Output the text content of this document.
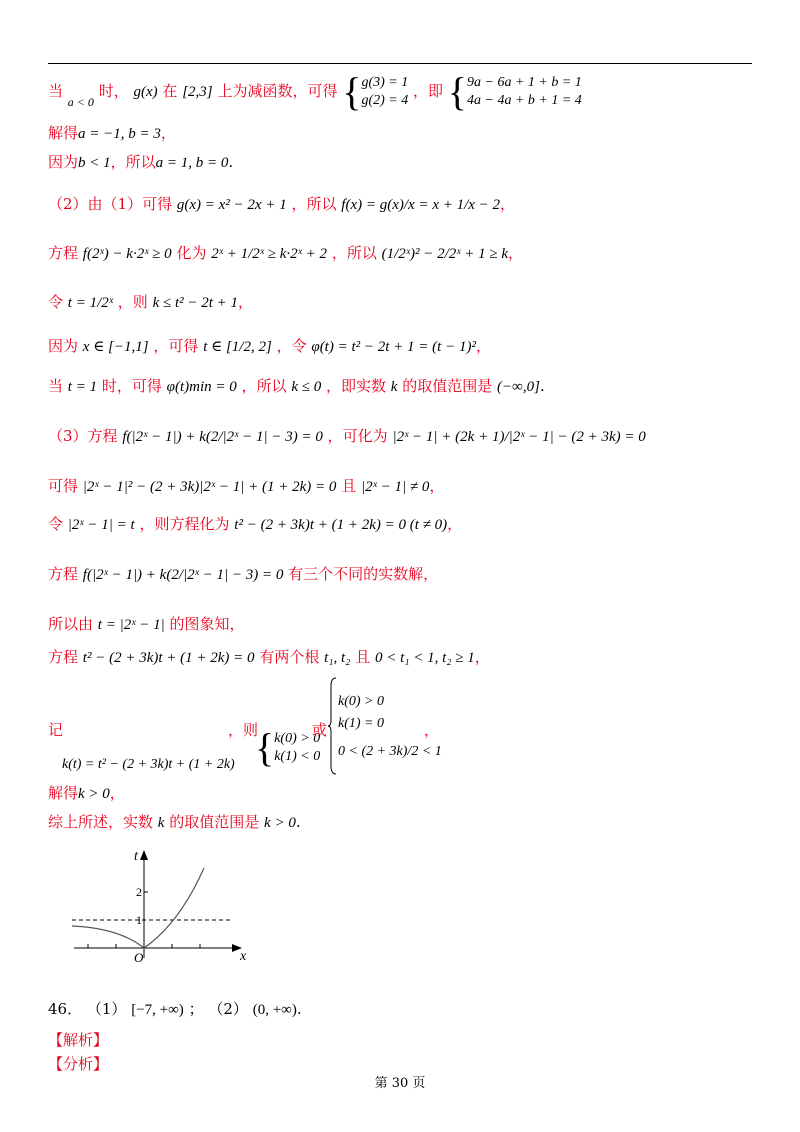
当 $_{a < 0}$ 时， g(x) 在 [2,3] 上为减函数，可得 { g(3) = 1
g(2) = 4
，即 { 9a − 6a + 1 + b = 1
4a − 4a + b + 1 = 4
解得a = −1, b = 3，
因为b < 1，所以a = 1, b = 0.
（2）由（1）可得 g(x) = x² − 2x + 1 ，所以 f(x) = g(x)/x = x + 1/x − 2，
方程 f(2ˣ) − k·2ˣ ≥ 0 化为 2ˣ + 1/2ˣ ≥ k·2ˣ + 2 ，所以 (1/2ˣ)² − 2/2ˣ + 1 ≥ k，
令 t = 1/2ˣ ，则 k ≤ t² − 2t + 1，
因为 x ∈ [−1,1] ，可得 t ∈ [1/2, 2] ，令 φ(t) = t² − 2t + 1 = (t − 1)²，
当 t = 1 时，可得 φ(t)min = 0 ，所以 k ≤ 0 ，即实数 k 的取值范围是 (−∞,0].
（3）方程 f(|2ˣ − 1|) + k(2/|2ˣ − 1| − 3) = 0 ，可化为 |2ˣ − 1| + (2k + 1)/|2ˣ − 1| − (2 + 3k) = 0
可得 |2ˣ − 1|² − (2 + 3k)|2ˣ − 1| + (1 + 2k) = 0 且 |2ˣ − 1| ≠ 0，
令 |2ˣ − 1| = t ，则方程化为 t² − (2 + 3k)t + (1 + 2k) = 0 (t ≠ 0)，
方程 f(|2ˣ − 1|) + k(2/|2ˣ − 1| − 3) = 0 有三个不同的实数解，
所以由 t = |2ˣ − 1| 的图象知，
方程 t² − (2 + 3k)t + (1 + 2k) = 0 有两个根 t₁, t₂ 且 0 < t₁ < 1, t₂ ≥ 1，
记
k(t) = t² − (2 + 3k)t + (1 + 2k)
，则
{ k(0) > 0
k(1) < 0
或
k(0) > 0
k(1) = 0
0 < (2 + 3k)/2 < 1
，
解得k > 0，
综上所述，实数 k 的取值范围是 k > 0.
t
x
O
2
1
46． （1） [−7, +∞) ； （2） (0, +∞).
【解析】
【分析】
第 30 页
